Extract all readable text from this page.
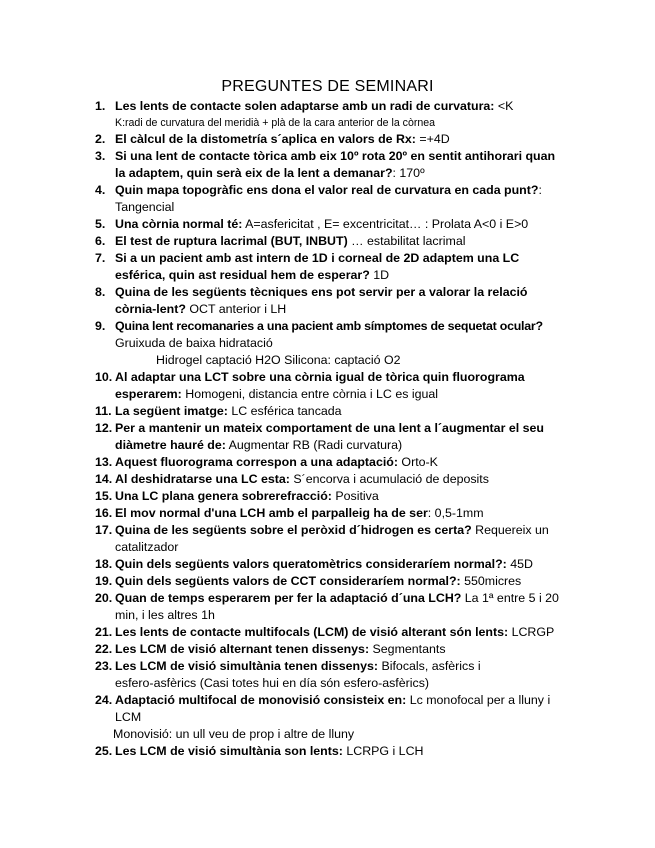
PREGUNTES DE SEMINARI
1. Les lents de contacte solen adaptarse amb un radi de curvatura: <K
K:radi de curvatura del meridià + plà de la cara anterior de la còrnea
2. El càlcul de la distometría s´aplica en valors de Rx: =+4D
3. Si una lent de contacte tòrica amb eix 10º rota 20º en sentit antihorari quan
la adaptem, quin serà eix de la lent a demanar?: 170º
4. Quin mapa topogràfic ens dona el valor real de curvatura en cada punt?:
Tangencial
5. Una còrnia normal té: A=asfericitat , E= excentricitat… : Prolata A<0 i E>0
6. El test de ruptura lacrimal (BUT, INBUT) … estabilitat lacrimal
7. Si a un pacient amb ast intern de 1D i corneal de 2D adaptem una LC
esférica, quin ast residual hem de esperar? 1D
8. Quina de les següents tècniques ens pot servir per a valorar la relació
còrnia-lent? OCT anterior i LH
9. Quina lent recomanaries a una pacient amb símptomes de sequetat ocular?
Gruixuda de baixa hidratació
Hidrogel captació H2O Silicona: captació O2
10. Al adaptar una LCT sobre una còrnia igual de tòrica quin fluorograma
esperarem: Homogeni, distancia entre còrnia i LC es igual
11. La següent imatge: LC esférica tancada
12. Per a mantenir un mateix comportament de una lent a l´augmentar el seu
diàmetre hauré de: Augmentar RB (Radi curvatura)
13. Aquest fluorograma correspon a una adaptació: Orto-K
14. Al deshidratarse una LC esta: S´encorva i acumulació de deposits
15. Una LC plana genera sobrerefracció: Positiva
16. El mov normal d'una LCH amb el parpalleig ha de ser: 0,5-1mm
17. Quina de les següents sobre el peròxid d´hidrogen es certa? Requereix un
catalitzador
18. Quin dels següents valors queratomètrics consideraríem normal?: 45D
19. Quin dels següents valors de CCT consideraríem normal?: 550micres
20. Quan de temps esperarem per fer la adaptació d´una LCH? La 1ª entre 5 i 20
min, i les altres 1h
21. Les lents de contacte multifocals (LCM) de visió alterant són lents: LCRGP
22. Les LCM de visió alternant tenen dissenys: Segmentants
23. Les LCM de visió simultània tenen dissenys: Bifocals, asfèrics i
esfero-asfèrics (Casi totes hui en día són esfero-asfèrics)
24. Adaptació multifocal de monovisió consisteix en: Lc monofocal per a lluny i
LCM
Monovisió: un ull veu de prop i altre de lluny
25. Les LCM de visió simultània son lents: LCRPG i LCH
